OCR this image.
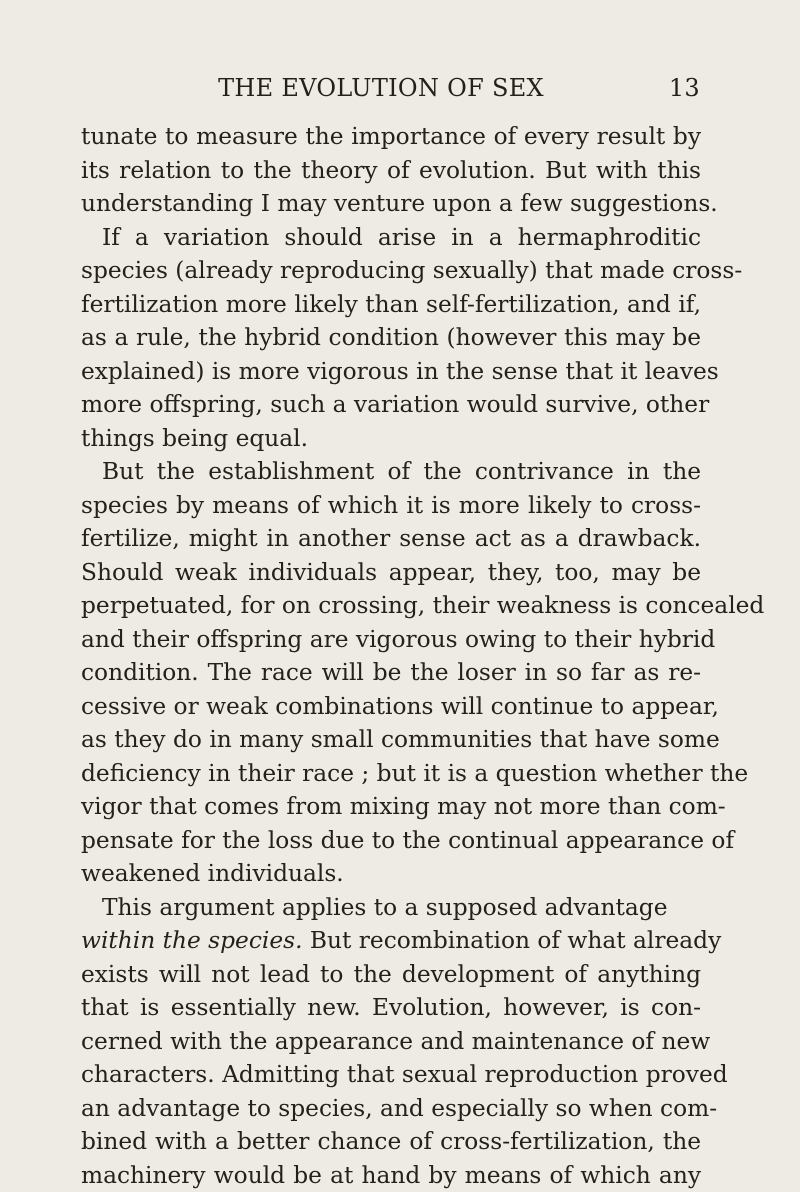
THE EVOLUTION OF SEX	13
tunate to measure the importance of every result by
its relation to the theory of evolution. But with this
understanding I may venture upon a few suggestions.
If a variation should arise in a hermaphroditic
species (already reproducing sexually) that made cross-
fertilization more likely than self-fertilization, and if,
as a rule, the hybrid condition (however this may be
explained) is more vigorous in the sense that it leaves
more offspring, such a variation would survive, other
things being equal.
But the establishment of the contrivance in the
species by means of which it is more likely to cross-
fertilize, might in another sense act as a drawback.
Should weak individuals appear, they, too, may be
perpetuated, for on crossing, their weakness is concealed
and their offspring are vigorous owing to their hybrid
condition. The race will be the loser in so far as re-
cessive or weak combinations will continue to appear,
as they do in many small communities that have some
deficiency in their race ; but it is a question whether the
vigor that comes from mixing may not more than com-
pensate for the loss due to the continual appearance of
weakened individuals.
This argument applies to a supposed advantage
within the species. But recombination of what already
exists will not lead to the development of anything
that is essentially new. Evolution, however, is con-
cerned with the appearance and maintenance of new
characters. Admitting that sexual reproduction proved
an advantage to species, and especially so when com-
bined with a better chance of cross-fertilization, the
machinery would be at hand by means of which any
